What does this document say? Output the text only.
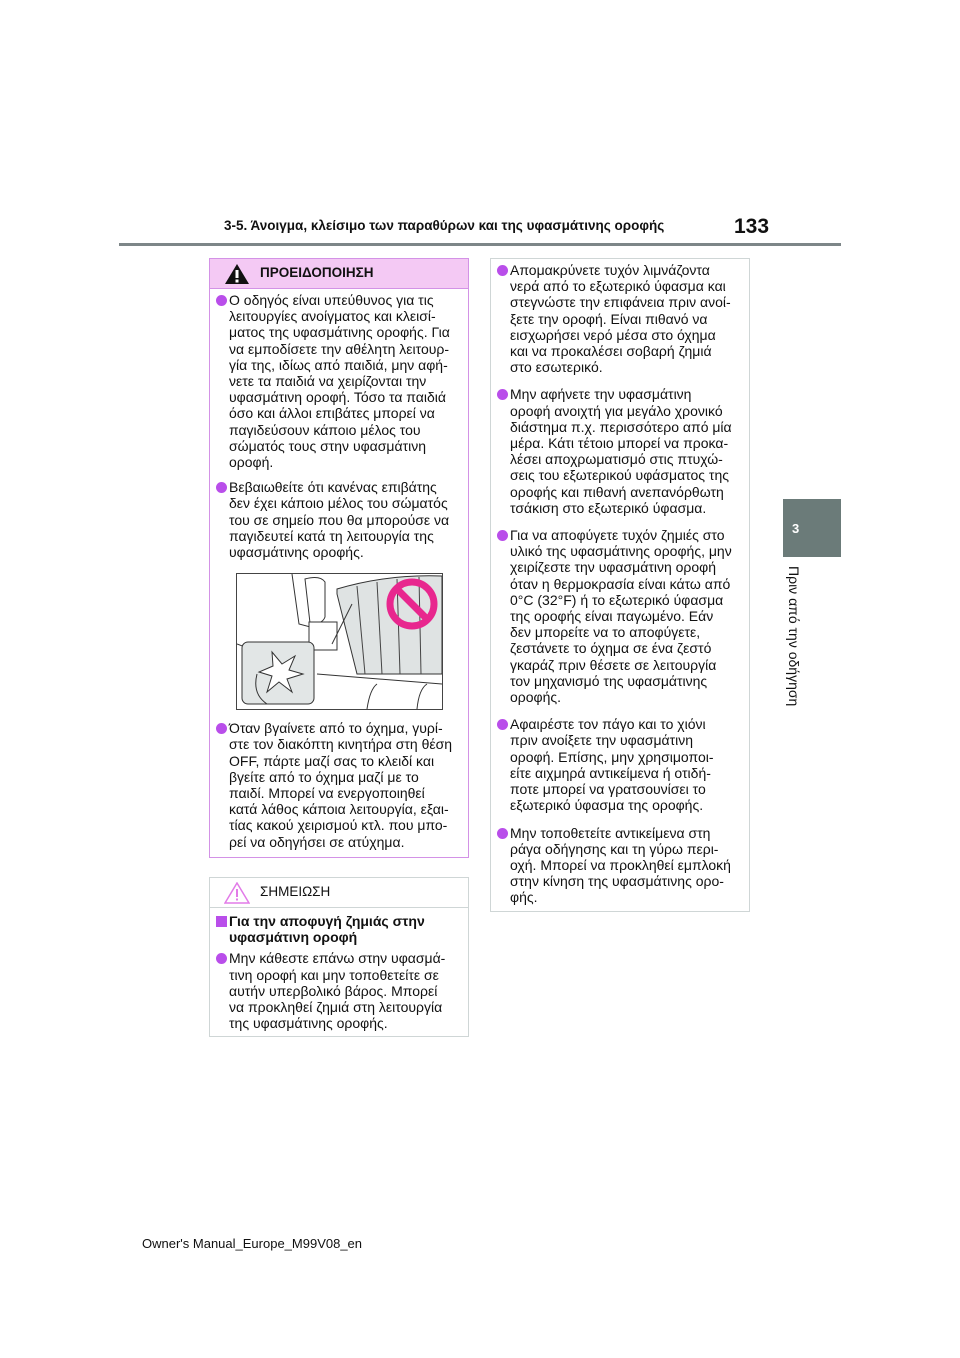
3-5. Άνοιγμα, κλείσιμο των παραθύρων και της υφασμάτινης οροφής	133
3
Πριν από την οδήγηση
ΠΡΟΕΙΔΟΠΟΙΗΣΗ
Ο οδηγός είναι υπεύθυνος για τις
λειτουργίες ανοίγματος και κλεισί-
ματος της υφασμάτινης οροφής. Για
να εμποδίσετε την αθέλητη λειτουρ-
γία της, ιδίως από παιδιά, μην αφή-
νετε τα παιδιά να χειρίζονται την
υφασμάτινη οροφή. Τόσο τα παιδιά
όσο και άλλοι επιβάτες μπορεί να
παγιδεύσουν κάποιο μέλος του
σώματός τους στην υφασμάτινη
οροφή.
Βεβαιωθείτε ότι κανένας επιβάτης
δεν έχει κάποιο μέλος του σώματός
του σε σημείο που θα μπορούσε να
παγιδευτεί κατά τη λειτουργία της
υφασμάτινης οροφής.
Όταν βγαίνετε από το όχημα, γυρί-
στε τον διακόπτη κινητήρα στη θέση
OFF, πάρτε μαζί σας το κλειδί και
βγείτε από το όχημα μαζί με το
παιδί. Μπορεί να ενεργοποιηθεί
κατά λάθος κάποια λειτουργία, εξαι-
τίας κακού χειρισμού κτλ. που μπο-
ρεί να οδηγήσει σε ατύχημα.
ΣΗΜΕΙΩΣΗ
Για την αποφυγή ζημιάς στην
υφασμάτινη οροφή
Μην κάθεστε επάνω στην υφασμά-
τινη οροφή και μην τοποθετείτε σε
αυτήν υπερβολικό βάρος. Μπορεί
να προκληθεί ζημιά στη λειτουργία
της υφασμάτινης οροφής.
Απομακρύνετε τυχόν λιμνάζοντα
νερά από το εξωτερικό ύφασμα και
στεγνώστε την επιφάνεια πριν ανοί-
ξετε την οροφή. Είναι πιθανό να
εισχωρήσει νερό μέσα στο όχημα
και να προκαλέσει σοβαρή ζημιά
στο εσωτερικό.
Μην αφήνετε την υφασμάτινη
οροφή ανοιχτή για μεγάλο χρονικό
διάστημα π.χ. περισσότερο από μία
μέρα. Κάτι τέτοιο μπορεί να προκα-
λέσει αποχρωματισμό στις πτυχώ-
σεις του εξωτερικού υφάσματος της
οροφής και πιθανή ανεπανόρθωτη
τσάκιση στο εξωτερικό ύφασμα.
Για να αποφύγετε τυχόν ζημιές στο
υλικό της υφασμάτινης οροφής, μην
χειρίζεστε την υφασμάτινη οροφή
όταν η θερμοκρασία είναι κάτω από
0°C (32°F) ή το εξωτερικό ύφασμα
της οροφής είναι παγωμένο. Εάν
δεν μπορείτε να το αποφύγετε,
ζεστάνετε το όχημα σε ένα ζεστό
γκαράζ πριν θέσετε σε λειτουργία
τον μηχανισμό της υφασμάτινης
οροφής.
Αφαιρέστε τον πάγο και το χιόνι
πριν ανοίξετε την υφασμάτινη
οροφή. Επίσης, μην χρησιμοποι-
είτε αιχμηρά αντικείμενα ή οτιδή-
ποτε μπορεί να γρατσουνίσει το
εξωτερικό ύφασμα της οροφής.
Μην τοποθετείτε αντικείμενα στη
ράγα οδήγησης και τη γύρω περι-
οχή. Μπορεί να προκληθεί εμπλοκή
στην κίνηση της υφασμάτινης ορο-
φής.
Owner's Manual_Europe_M99V08_en
